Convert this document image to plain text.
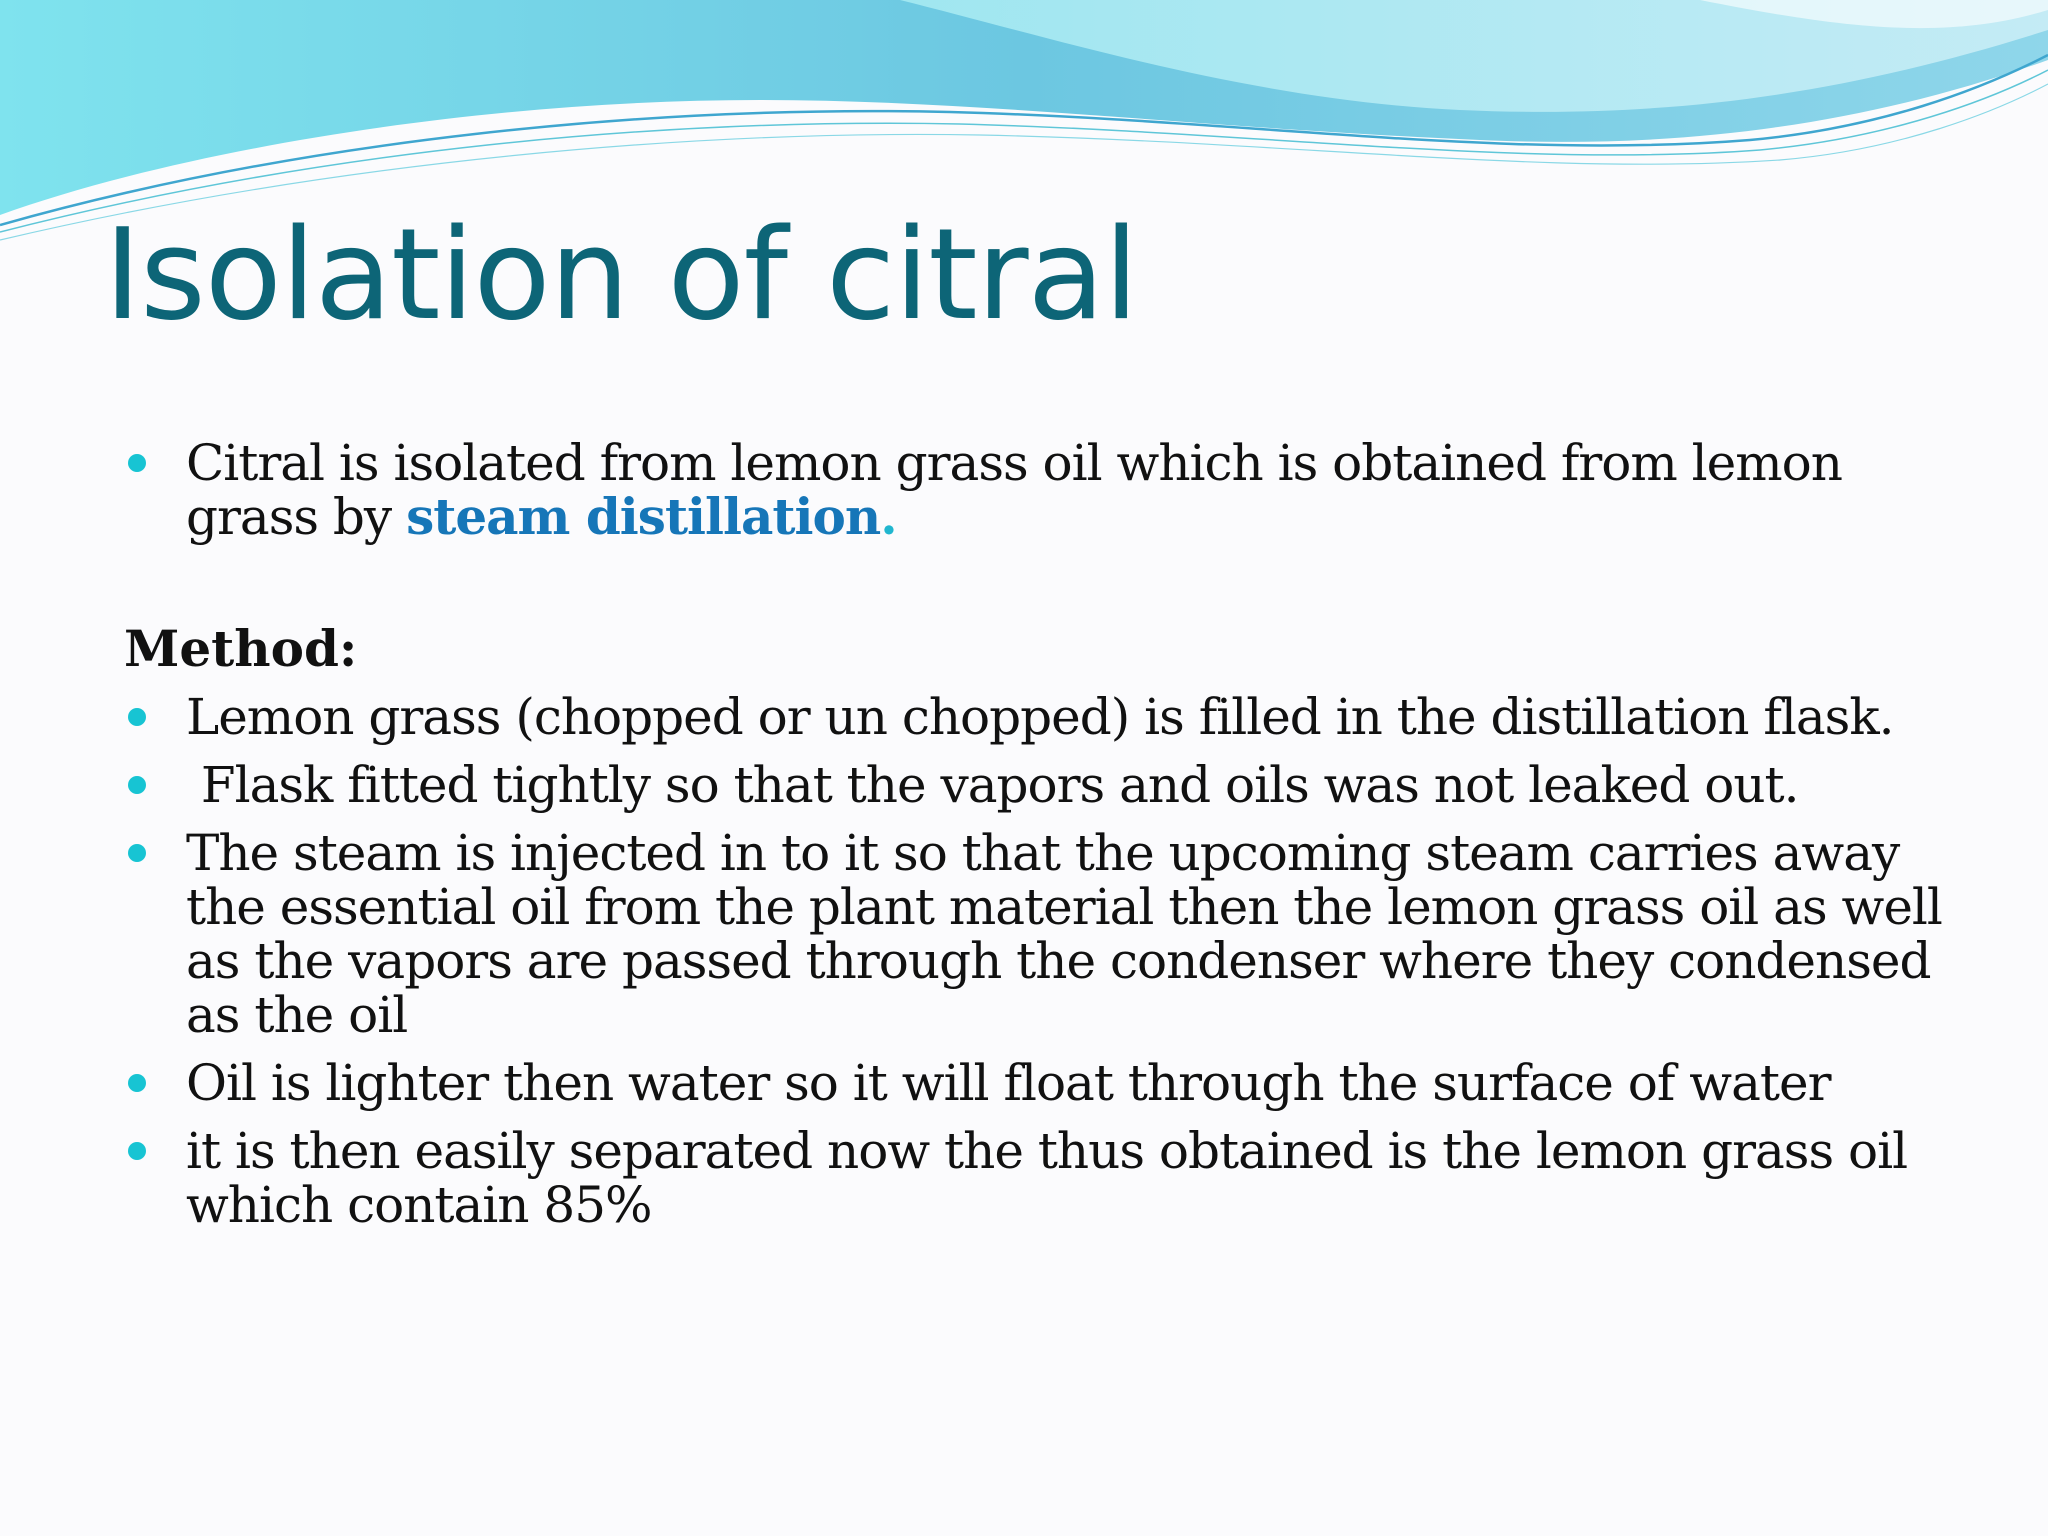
Isolation of citral
Citral is isolated from lemon grass oil which is obtained from lemon grass by steam distillation.
Method:
Lemon grass (chopped or un chopped) is filled in the distillation flask.
Flask fitted tightly so that the vapors and oils was not leaked out.
The steam is injected in to it so that the upcoming steam carries away the essential oil from the plant material then the lemon grass oil as well as the vapors are passed through the condenser where they condensed as the oil
Oil is lighter then water so it will float through the surface of water
it is then easily separated now the thus obtained is the lemon grass oil which contain 85%
